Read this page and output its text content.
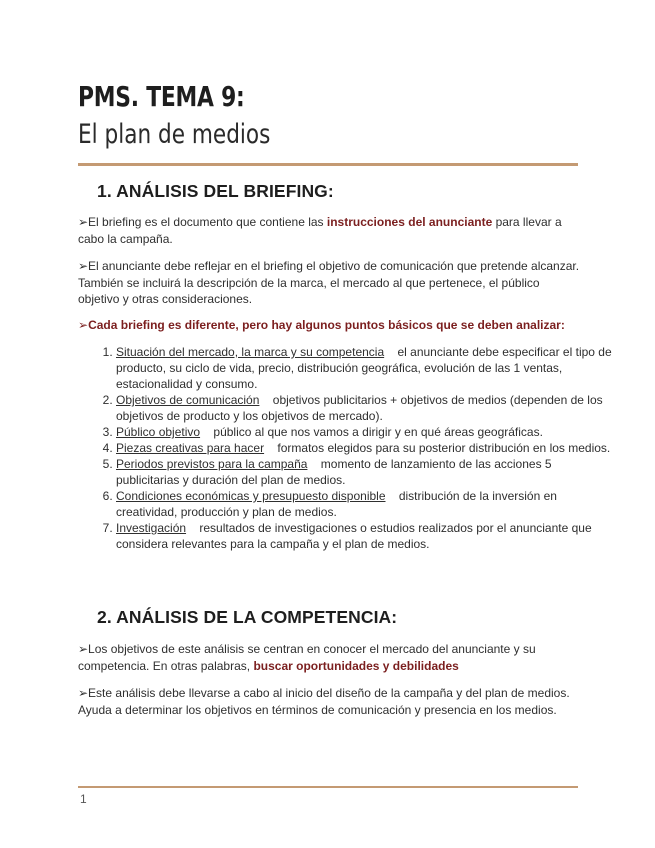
PMS. TEMA 9:
El plan de medios
1. ANÁLISIS DEL BRIEFING:

➢El briefing es el documento que contiene las instrucciones del anunciante para llevar a cabo la campaña.

➢El anunciante debe reflejar en el briefing el objetivo de comunicación que pretende alcanzar. También se incluirá la descripción de la marca, el mercado al que pertenece, el público objetivo y otras consideraciones.

➢Cada briefing es diferente, pero hay algunos puntos básicos que se deben analizar:

1. Situación del mercado, la marca y su competencia el anunciante debe especificar el tipo de producto, su ciclo de vida, precio, distribución geográfica, evolución de las 1 ventas, estacionalidad y consumo.
2. Objetivos de comunicación objetivos publicitarios + objetivos de medios (dependen de los objetivos de producto y los objetivos de mercado).
3. Público objetivo público al que nos vamos a dirigir y en qué áreas geográficas.
4. Piezas creativas para hacer formatos elegidos para su posterior distribución en los medios.
5. Periodos previstos para la campaña momento de lanzamiento de las acciones 5 publicitarias y duración del plan de medios.
6. Condiciones económicas y presupuesto disponible distribución de la inversión en creatividad, producción y plan de medios.
7. Investigación resultados de investigaciones o estudios realizados por el anunciante que considera relevantes para la campaña y el plan de medios.
2. ANÁLISIS DE LA COMPETENCIA:

➢Los objetivos de este análisis se centran en conocer el mercado del anunciante y su competencia. En otras palabras, buscar oportunidades y debilidades

➢Este análisis debe llevarse a cabo al inicio del diseño de la campaña y del plan de medios. Ayuda a determinar los objetivos en términos de comunicación y presencia en los medios.

1
